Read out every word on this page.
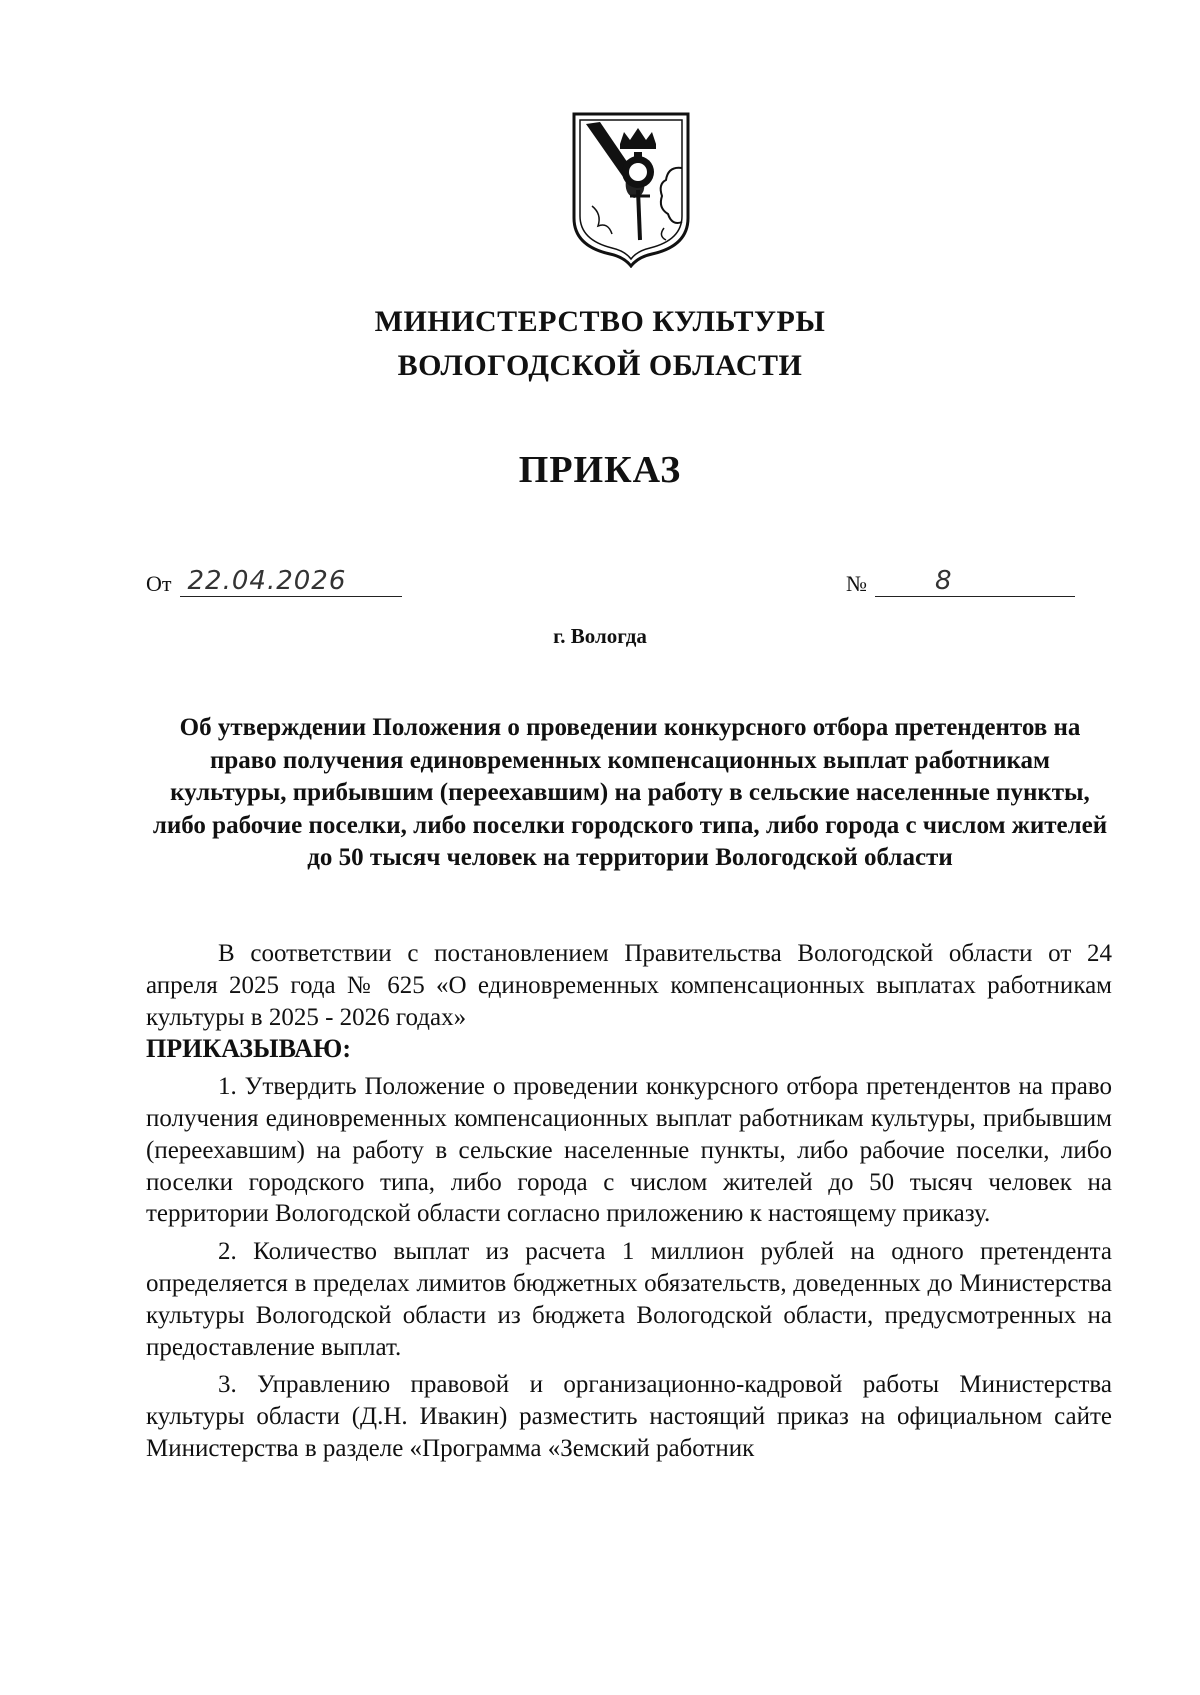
МИНИСТЕРСТВО КУЛЬТУРЫ
ВОЛОГОДСКОЙ ОБЛАСТИ
ПРИКАЗ
От 22.04.2026	№	8
г. Вологда
Об утверждении Положения о проведении конкурсного отбора претендентов на право получения единовременных компенсационных выплат работникам культуры, прибывшим (переехавшим) на работу в сельские населенные пункты, либо рабочие поселки, либо поселки городского типа, либо города с числом жителей до 50 тысяч человек на территории Вологодской области

В соответствии с постановлением Правительства Вологодской области от 24 апреля 2025 года № 625 «О единовременных компенсационных выплатах работникам культуры в 2025 - 2026 годах»

ПРИКАЗЫВАЮ:

1. Утвердить Положение о проведении конкурсного отбора претендентов на право получения единовременных компенсационных выплат работникам культуры, прибывшим (переехавшим) на работу в сельские населенные пункты, либо рабочие поселки, либо поселки городского типа, либо города с числом жителей до 50 тысяч человек на территории Вологодской области согласно приложению к настоящему приказу.

2. Количество выплат из расчета 1 миллион рублей на одного претендента определяется в пределах лимитов бюджетных обязательств, доведенных до Министерства культуры Вологодской области из бюджета Вологодской области, предусмотренных на предоставление выплат.

3. Управлению правовой и организационно-кадровой работы Министерства культуры области (Д.Н. Ивакин) разместить настоящий приказ на официальном сайте Министерства в разделе «Программа «Земский работник
